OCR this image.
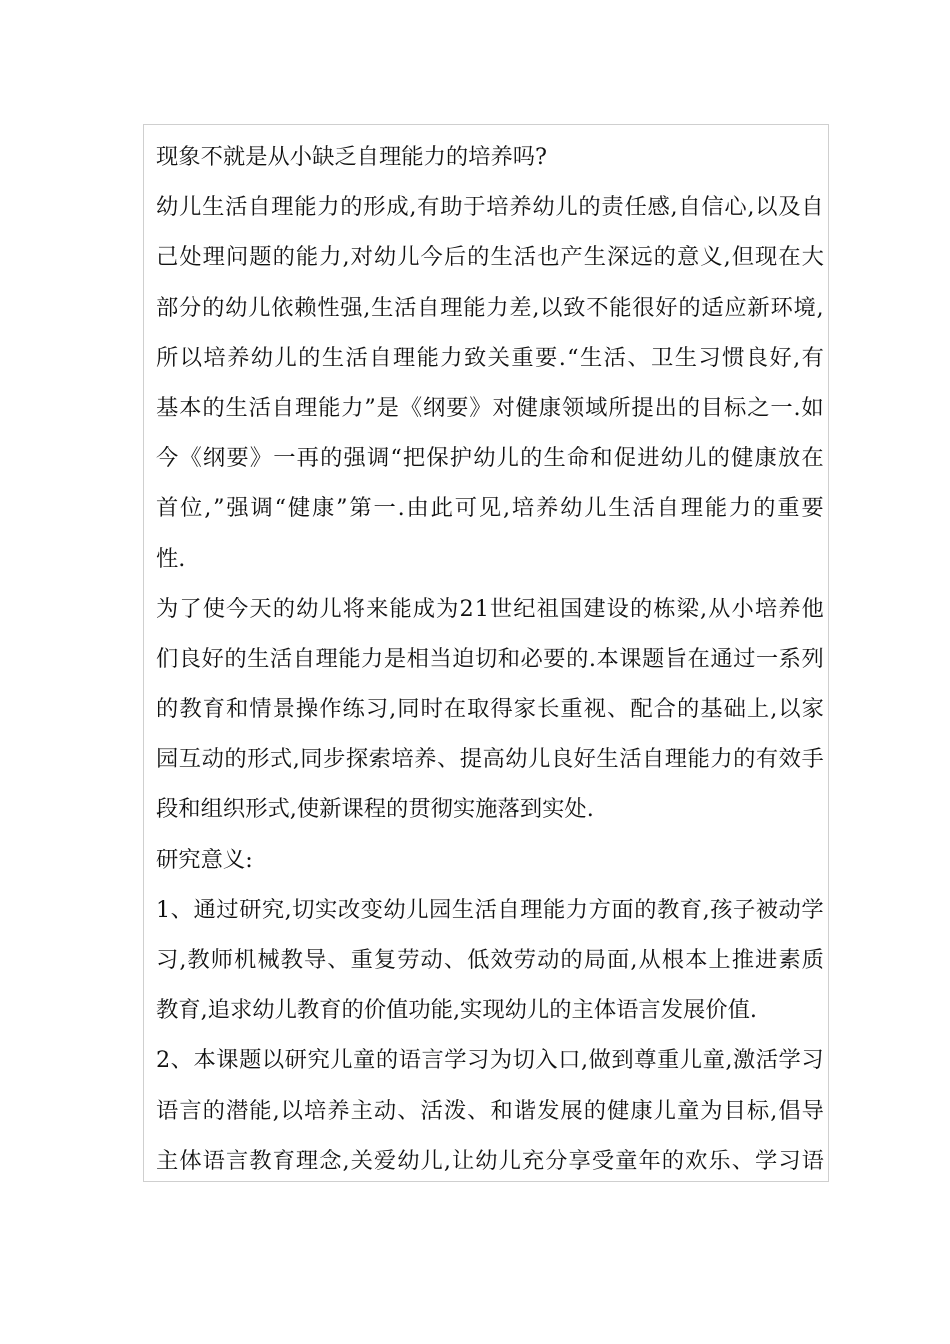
现象不就是从小缺乏自理能力的培养吗?
幼 儿 生 活 自 理 能 力 的 形 成 , 有 助 于 培 养 幼 儿 的 责 任 感 , 自 信 心 , 以 及 自
己 处 理 问 题 的 能 力 , 对 幼 儿 今 后 的 生 活 也 产 生 深 远 的 意 义 , 但 现 在 大
部 分 的 幼 儿 依 赖 性 强 , 生 活 自 理 能 力 差 , 以 致 不 能 很 好 的 适 应 新 环 境 ,
所 以 培 养 幼 儿 的 生 活 自 理 能 力 致 关 重 要 . “ 生 活 、 卫 生 习 惯 良 好 , 有
基 本 的 生 活 自 理 能 力 ” 是 《 纲 要 》 对 健 康 领 域 所 提 出 的 目 标 之 一 . 如
今 《 纲 要 》 一 再 的 强 调 “ 把 保 护 幼 儿 的 生 命 和 促 进 幼 儿 的 健 康 放 在
首 位 , ” 强 调 “ 健 康 ” 第 一 . 由 此 可 见 , 培 养 幼 儿 生 活 自 理 能 力 的 重 要
性.
为 了 使 今 天 的 幼 儿 将 来 能 成 为 2 1 世 纪 祖 国 建 设 的 栋 梁 , 从 小 培 养 他
们 良 好 的 生 活 自 理 能 力 是 相 当 迫 切 和 必 要 的 . 本 课 题 旨 在 通 过 一 系 列
的 教 育 和 情 景 操 作 练 习 , 同 时 在 取 得 家 长 重 视 、 配 合 的 基 础 上 , 以 家
园 互 动 的 形 式 , 同 步 探 索 培 养 、 提 高 幼 儿 良 好 生 活 自 理 能 力 的 有 效 手
段和组织形式,使新课程的贯彻实施落到实处.
研究意义:
1 、 通 过 研 究 , 切 实 改 变 幼 儿 园 生 活 自 理 能 力 方 面 的 教 育 , 孩 子 被 动 学
习 , 教 师 机 械 教 导 、 重 复 劳 动 、 低 效 劳 动 的 局 面 , 从 根 本 上 推 进 素 质
教育,追求幼儿教育的价值功能,实现幼儿的主体语言发展价值.
2 、 本 课 题 以 研 究 儿 童 的 语 言 学 习 为 切 入 口 , 做 到 尊 重 儿 童 , 激 活 学 习
语 言 的 潜 能 , 以 培 养 主 动 、 活 泼 、 和 谐 发 展 的 健 康 儿 童 为 目 标 , 倡 导
主 体 语 言 教 育 理 念 , 关 爱 幼 儿 , 让 幼 儿 充 分 享 受 童 年 的 欢 乐 、 学 习 语
